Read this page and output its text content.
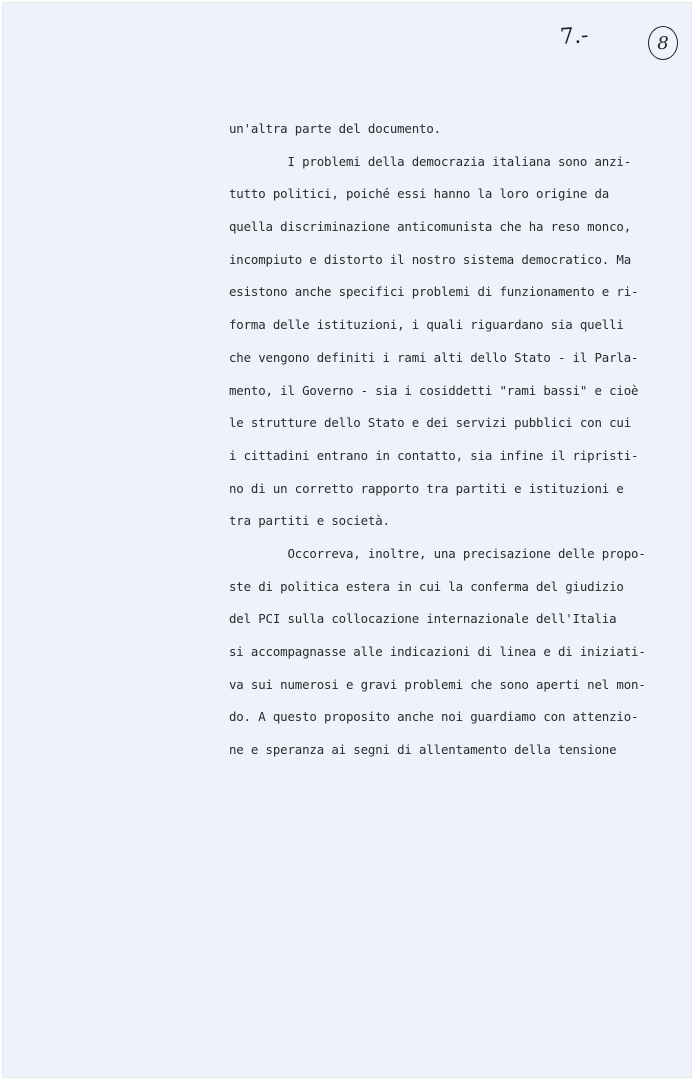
7.-	8
un'altra parte del documento.
I problemi della democrazia italiana sono anzi-
tutto politici, poiché essi hanno la loro origine da
quella discriminazione anticomunista che ha reso monco,
incompiuto e distorto il nostro sistema democratico. Ma
esistono anche specifici problemi di funzionamento e ri-
forma delle istituzioni, i quali riguardano sia quelli
che vengono definiti i rami alti dello Stato - il Parla-
mento, il Governo - sia i cosiddetti "rami bassi" e cioè
le strutture dello Stato e dei servizi pubblici con cui
i cittadini entrano in contatto, sia infine il ripristi-
no di un corretto rapporto tra partiti e istituzioni e
tra partiti e società.
Occorreva, inoltre, una precisazione delle propo-
ste di politica estera in cui la conferma del giudizio
del PCI sulla collocazione internazionale dell'Italia
si accompagnasse alle indicazioni di linea e di iniziati-
va sui numerosi e gravi problemi che sono aperti nel mon-
do. A questo proposito anche noi guardiamo con attenzio-
ne e speranza ai segni di allentamento della tensione
